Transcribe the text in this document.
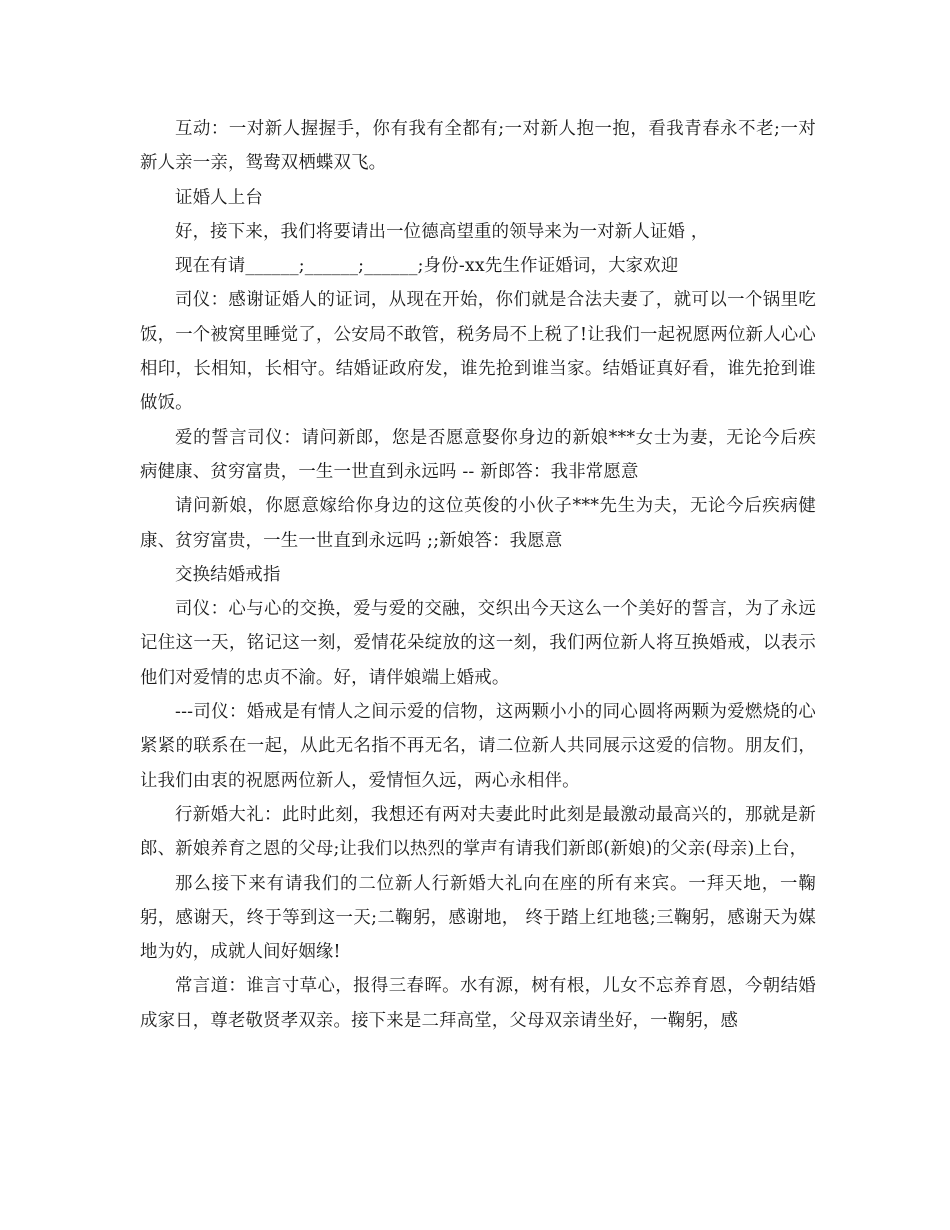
互动：一对新人握握手，你有我有全都有;一对新人抱一抱，看我青春永不老;一对新人亲一亲，鸳鸯双栖蝶双飞。

证婚人上台

好，接下来，我们将要请出一位德高望重的领导来为一对新人证婚 ，

现在有请______;______;______;身份-xx先生作证婚词，大家欢迎

司仪：感谢证婚人的证词，从现在开始，你们就是合法夫妻了，就可以一个锅里吃饭，一个被窝里睡觉了，公安局不敢管，税务局不上税了!让我们一起祝愿两位新人心心相印，长相知，长相守。结婚证政府发，谁先抢到谁当家。结婚证真好看，谁先抢到谁做饭。

爱的誓言司仪：请问新郎，您是否愿意娶你身边的新娘***女士为妻，无论今后疾病健康、贫穷富贵，一生一世直到永远吗 -- 新郎答：我非常愿意

请问新娘，你愿意嫁给你身边的这位英俊的小伙子***先生为夫，无论今后疾病健康、贫穷富贵，一生一世直到永远吗 ;;新娘答：我愿意

交换结婚戒指

司仪：心与心的交换，爱与爱的交融，交织出今天这么一个美好的誓言，为了永远记住这一天，铭记这一刻，爱情花朵绽放的这一刻，我们两位新人将互换婚戒，以表示他们对爱情的忠贞不渝。好，请伴娘端上婚戒。

---司仪：婚戒是有情人之间示爱的信物，这两颗小小的同心圆将两颗为爱燃烧的心紧紧的联系在一起，从此无名指不再无名，请二位新人共同展示这爱的信物。朋友们，让我们由衷的祝愿两位新人，爱情恒久远，两心永相伴。

行新婚大礼：此时此刻，我想还有两对夫妻此时此刻是最激动最高兴的，那就是新郎、新娘养育之恩的父母;让我们以热烈的掌声有请我们新郎(新娘)的父亲(母亲)上台，

那么接下来有请我们的二位新人行新婚大礼向在座的所有来宾。一拜天地，一鞠躬，感谢天，终于等到这一天;二鞠躬，感谢地， 终于踏上红地毯;三鞠躬，感谢天为媒地为妁，成就人间好姻缘!

常言道：谁言寸草心，报得三春晖。水有源，树有根，儿女不忘养育恩，今朝结婚成家日，尊老敬贤孝双亲。接下来是二拜高堂，父母双亲请坐好，一鞠躬，感
